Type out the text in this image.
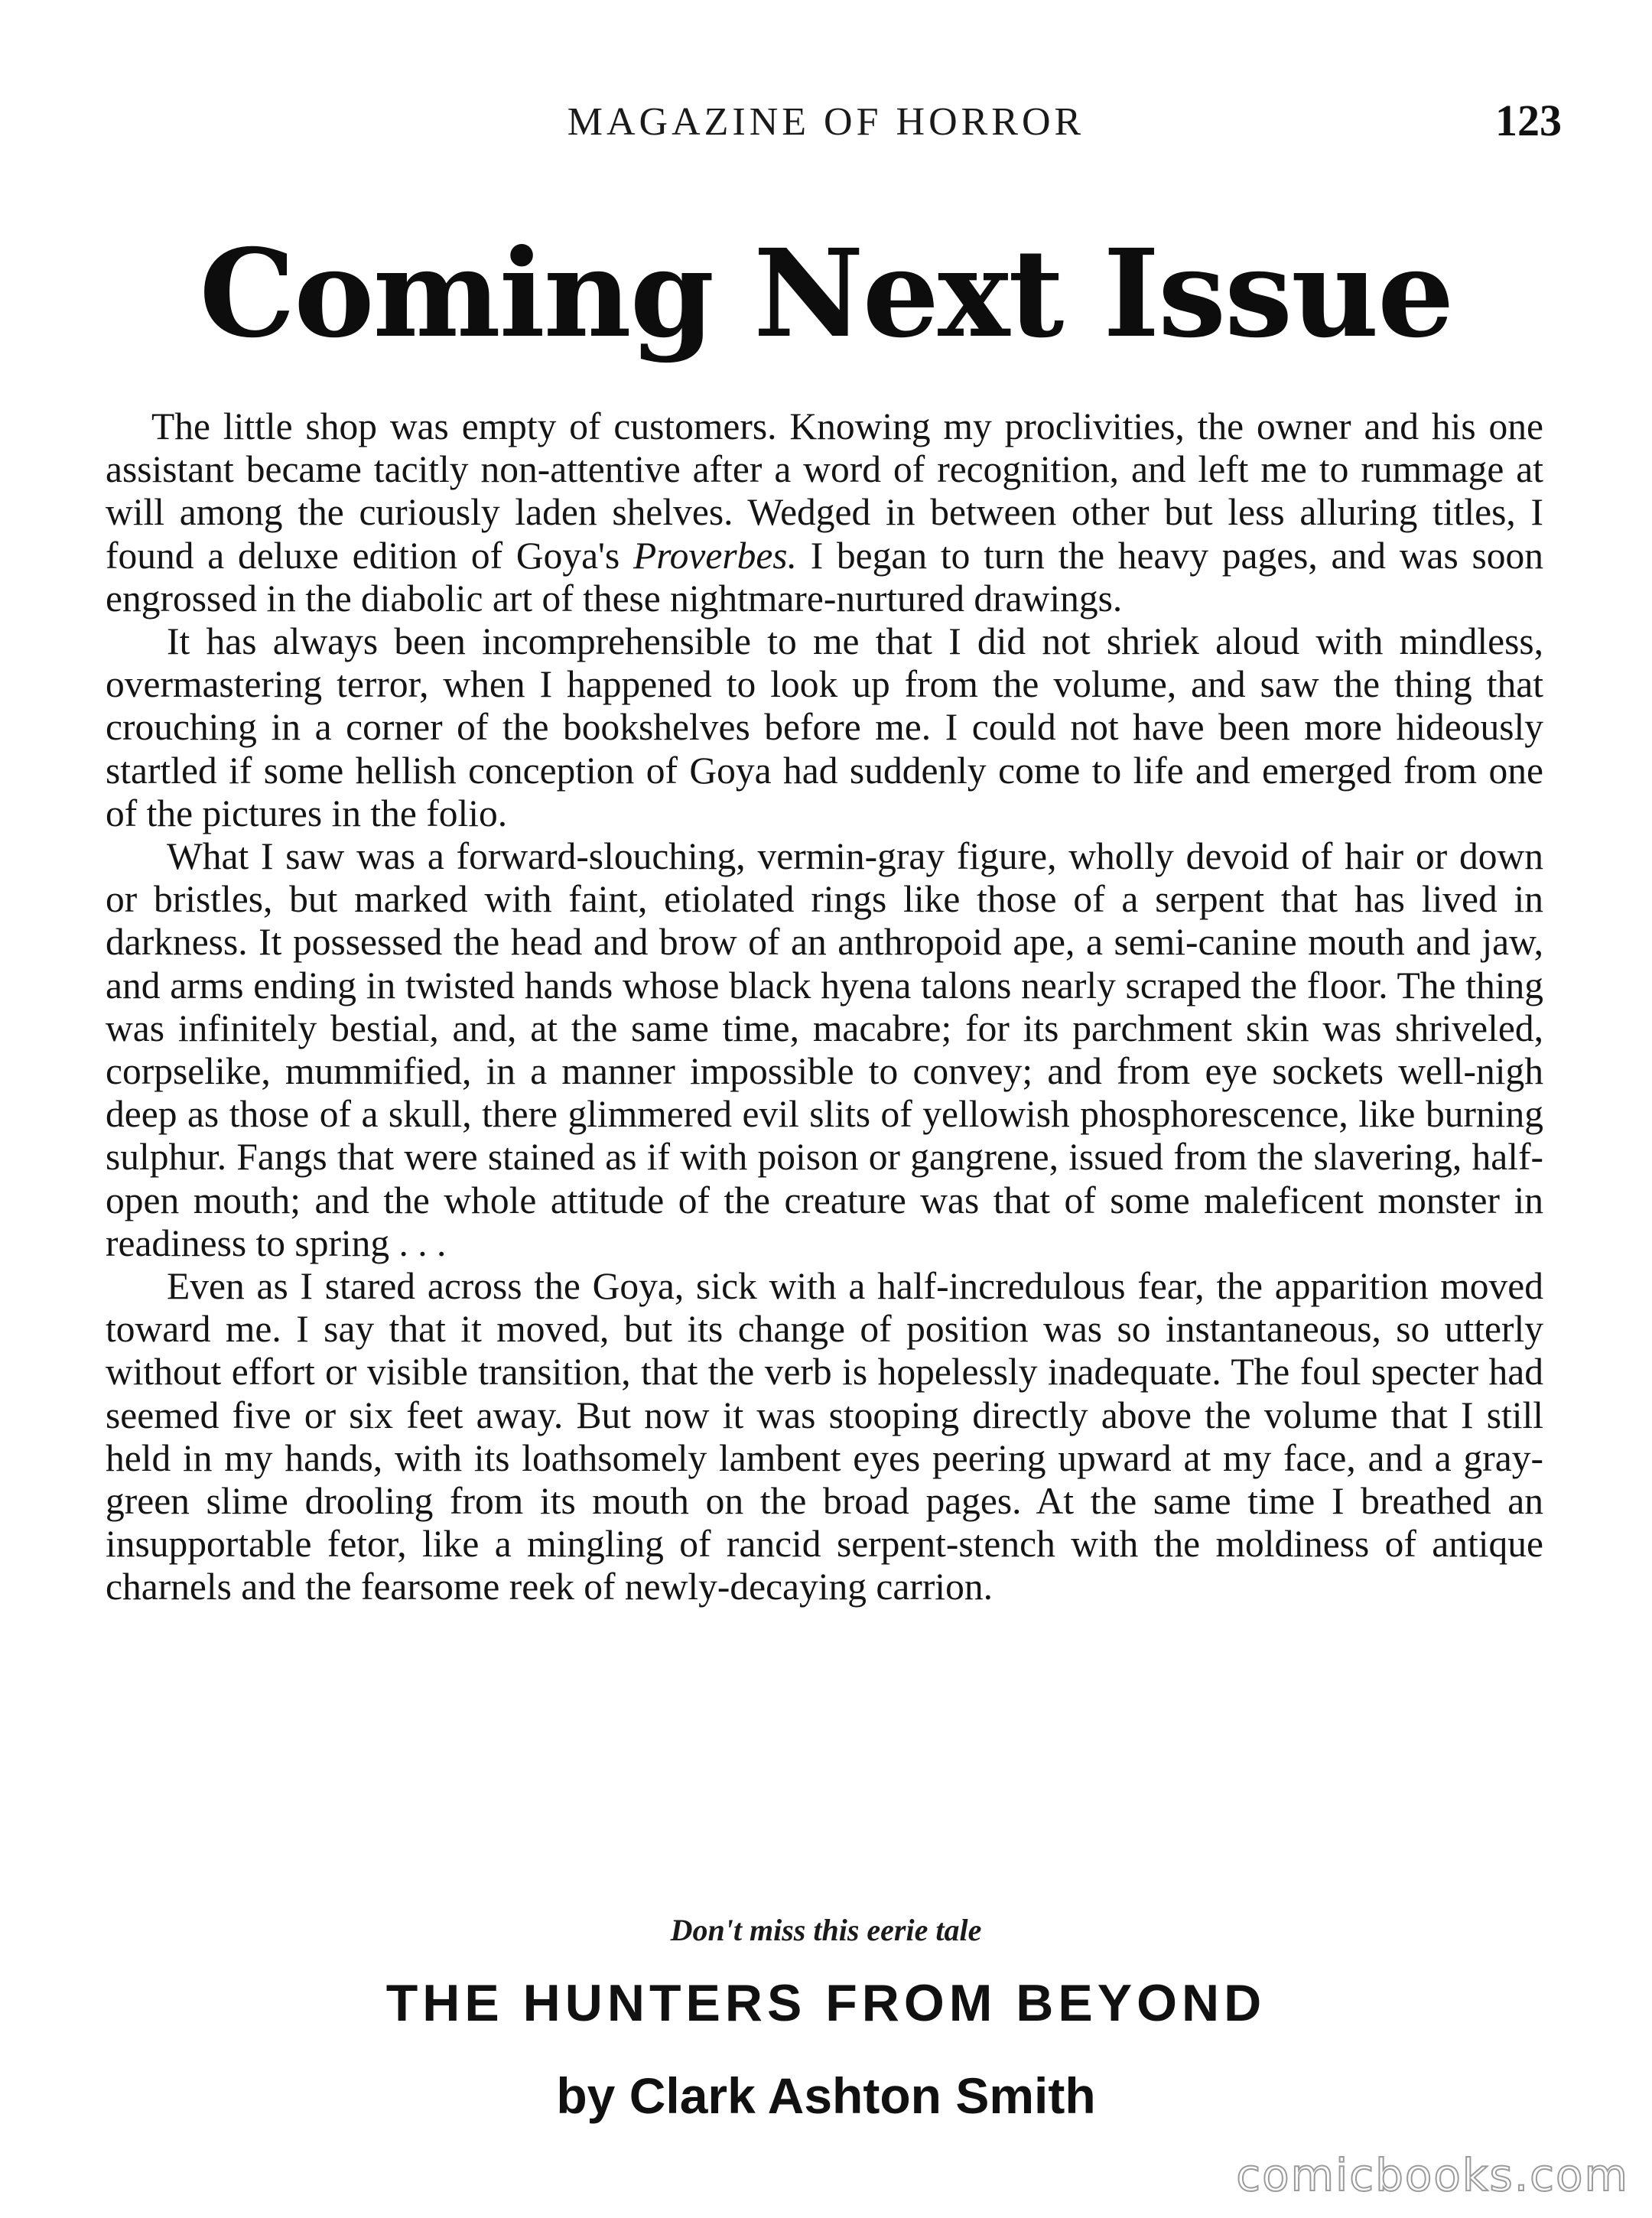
MAGAZINE OF HORROR	123
Coming Next Issue

The little shop was empty of customers. Knowing my proclivities, the owner and his one assistant became tacitly non-attentive after a word of recognition, and left me to rummage at will among the curiously laden shelves. Wedged in between other but less alluring titles, I found a deluxe edition of Goya's Proverbes. I began to turn the heavy pages, and was soon engrossed in the diabolic art of these nightmare-nurtured drawings.

It has always been incomprehensible to me that I did not shriek aloud with mindless, overmastering terror, when I happened to look up from the volume, and saw the thing that crouching in a corner of the bookshelves before me. I could not have been more hideously startled if some hellish conception of Goya had suddenly come to life and emerged from one of the pictures in the folio.

What I saw was a forward-slouching, vermin-gray figure, wholly devoid of hair or down or bristles, but marked with faint, etiolated rings like those of a serpent that has lived in darkness. It possessed the head and brow of an anthropoid ape, a semi-canine mouth and jaw, and arms ending in twisted hands whose black hyena talons nearly scraped the floor. The thing was infinitely bestial, and, at the same time, macabre; for its parchment skin was shriveled, corpselike, mummified, in a manner impossible to convey; and from eye sockets well-nigh deep as those of a skull, there glimmered evil slits of yellowish phosphorescence, like burning sulphur. Fangs that were stained as if with poison or gangrene, issued from the slavering, half-open mouth; and the whole attitude of the creature was that of some maleficent monster in readiness to spring . . .

Even as I stared across the Goya, sick with a half-incredulous fear, the apparition moved toward me. I say that it moved, but its change of position was so instantaneous, so utterly without effort or visible transition, that the verb is hopelessly inadequate. The foul specter had seemed five or six feet away. But now it was stooping directly above the volume that I still held in my hands, with its loathsomely lambent eyes peering upward at my face, and a gray-green slime drooling from its mouth on the broad pages. At the same time I breathed an insupportable fetor, like a mingling of rancid serpent-stench with the moldiness of antique charnels and the fearsome reek of newly-decaying carrion.

Don't miss this eerie tale
THE HUNTERS FROM BEYOND
by Clark Ashton Smith
comicbooks.com
